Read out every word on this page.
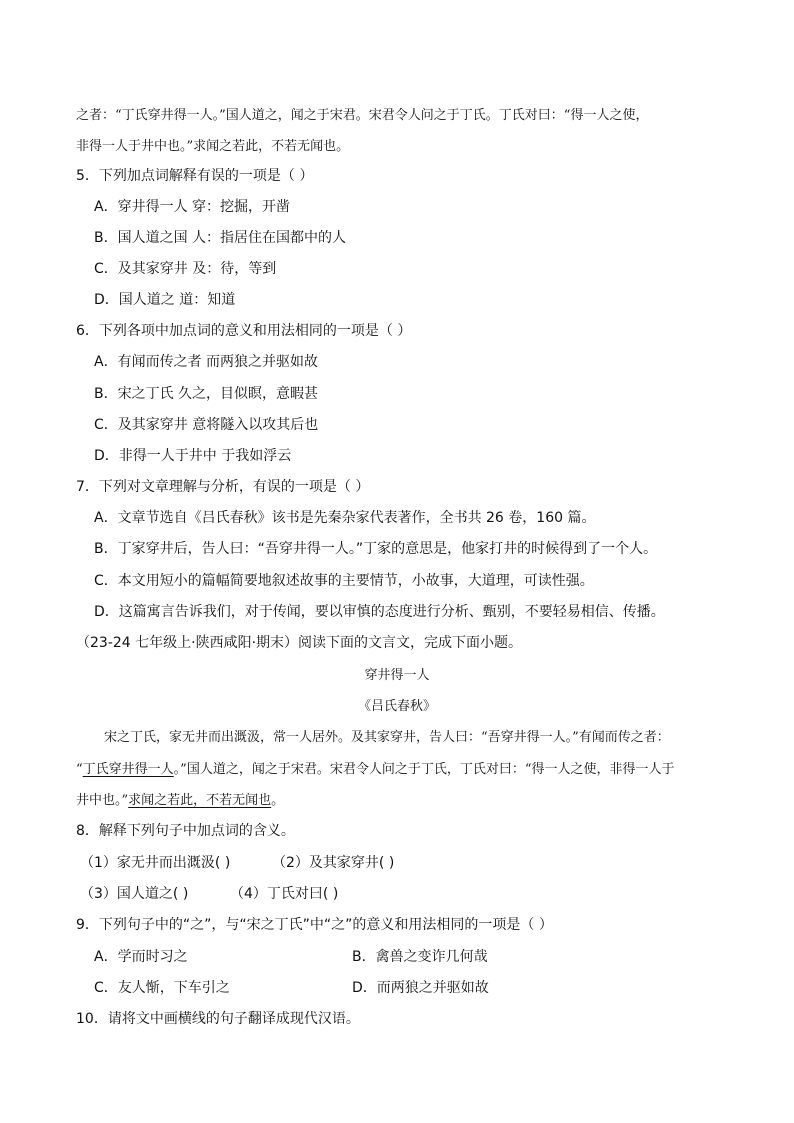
之者：“丁氏穿井得一人。”国人道之，闻之于宋君。宋君令人问之于丁氏。丁氏对曰：“得一人之使，
非得一人于井中也。”求闻之若此，不若无闻也。
5．下列加点词解释有误的一项是（ ）
A．穿井得一人 穿：挖掘，开凿
B．国人道之国 人：指居住在国都中的人
C．及其家穿井 及：待，等到
D．国人道之 道：知道
6．下列各项中加点词的意义和用法相同的一项是（ ）
A．有闻而传之者 而两狼之并驱如故
B．宋之丁氏 久之，目似瞑，意暇甚
C．及其家穿井 意将隧入以攻其后也
D．非得一人于井中 于我如浮云
7．下列对文章理解与分析，有误的一项是（ ）
A．文章节选自《吕氏春秋》该书是先秦杂家代表著作，全书共 26 卷，160 篇。
B．丁家穿井后，告人曰：“吾穿井得一人。”丁家的意思是，他家打井的时候得到了一个人。
C．本文用短小的篇幅简要地叙述故事的主要情节，小故事，大道理，可读性强。
D．这篇寓言告诉我们，对于传闻，要以审慎的态度进行分析、甄别，不要轻易相信、传播。
（23-24 七年级上·陕西咸阳·期末）阅读下面的文言文，完成下面小题。
穿井得一人
《吕氏春秋》
宋之丁氏，家无井而出溉汲，常一人居外。及其家穿井，告人曰：“吾穿井得一人。”有闻而传之者：
“丁氏穿井得一人。”国人道之，闻之于宋君。宋君令人问之于丁氏，丁氏对曰：“得一人之使，非得一人于
井中也。”求闻之若此，不若无闻也。
8．解释下列句子中加点词的含义。
（1）家无井而出溉汲( )	（2）及其家穿井( )
（3）国人道之( )	（4）丁氏对曰( )
9．下列句子中的“之”，与“宋之丁氏”中“之”的意义和用法相同的一项是（ ）
A．学而时习之	B．禽兽之变诈几何哉
C．友人惭，下车引之	D．而两狼之并驱如故
10．请将文中画横线的句子翻译成现代汉语。
